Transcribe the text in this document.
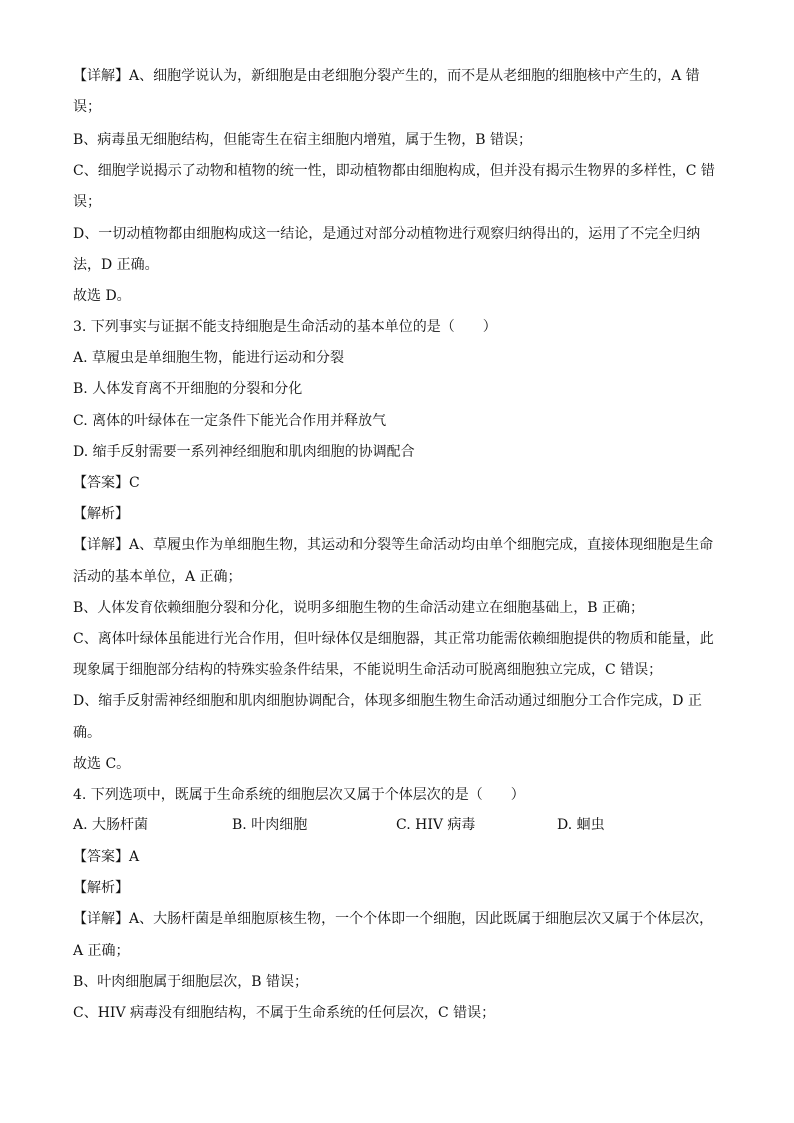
【详解】A、细胞学说认为，新细胞是由老细胞分裂产生的，而不是从老细胞的细胞核中产生的，A 错
误；
B、病毒虽无细胞结构，但能寄生在宿主细胞内增殖，属于生物，B 错误；
C、细胞学说揭示了动物和植物的统一性，即动植物都由细胞构成，但并没有揭示生物界的多样性，C 错
误；
D、一切动植物都由细胞构成这一结论，是通过对部分动植物进行观察归纳得出的，运用了不完全归纳
法，D 正确。
故选 D。
3. 下列事实与证据不能支持细胞是生命活动的基本单位的是（　　）
A. 草履虫是单细胞生物，能进行运动和分裂
B. 人体发育离不开细胞的分裂和分化
C. 离体的叶绿体在一定条件下能光合作用并释放气
D. 缩手反射需要一系列神经细胞和肌肉细胞的协调配合
【答案】C
【解析】
【详解】A、草履虫作为单细胞生物，其运动和分裂等生命活动均由单个细胞完成，直接体现细胞是生命
活动的基本单位，A 正确；
B、人体发育依赖细胞分裂和分化，说明多细胞生物的生命活动建立在细胞基础上，B 正确；
C、离体叶绿体虽能进行光合作用，但叶绿体仅是细胞器，其正常功能需依赖细胞提供的物质和能量，此
现象属于细胞部分结构的特殊实验条件结果，不能说明生命活动可脱离细胞独立完成，C 错误；
D、缩手反射需神经细胞和肌肉细胞协调配合，体现多细胞生物生命活动通过细胞分工合作完成，D 正
确。
故选 C。
4. 下列选项中，既属于生命系统的细胞层次又属于个体层次的是（　　）
A. 大肠杆菌	B. 叶肉细胞	C. HIV 病毒	D. 蛔虫
【答案】A
【解析】
【详解】A、大肠杆菌是单细胞原核生物，一个个体即一个细胞，因此既属于细胞层次又属于个体层次，
A 正确；
B、叶肉细胞属于细胞层次，B 错误；
C、HIV 病毒没有细胞结构，不属于生命系统的任何层次，C 错误；
